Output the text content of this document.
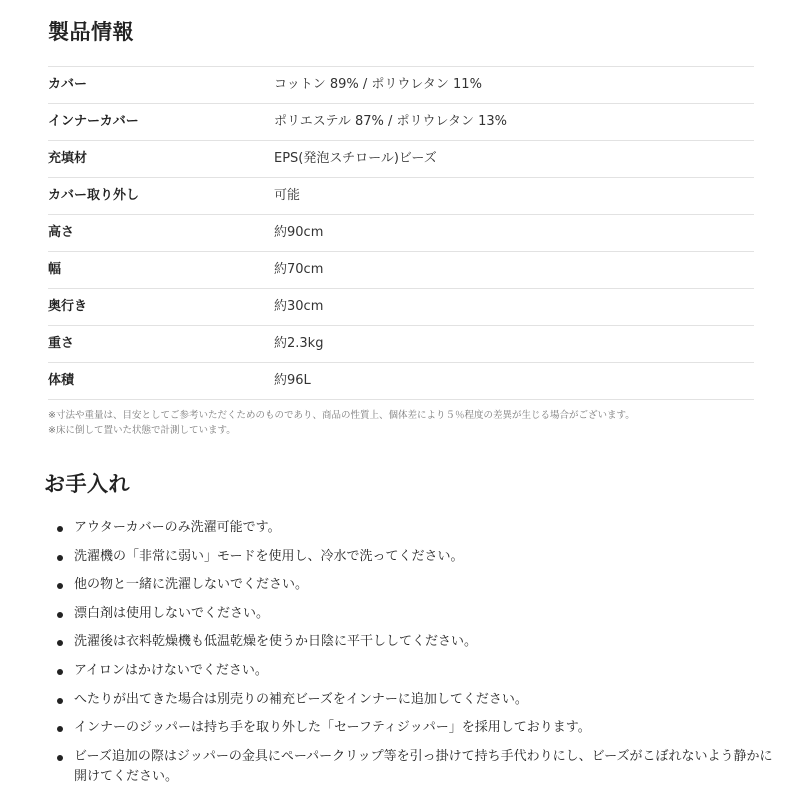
製品情報
カバー	コットン 89% / ポリウレタン 11%
インナーカバー	ポリエステル 87% / ポリウレタン 13%
充填材	EPS(発泡スチロール)ビーズ
カバー取り外し	可能
高さ	約90cm
幅	約70cm
奥行き	約30cm
重さ	約2.3kg
体積	約96L

※寸法や重量は、目安としてご参考いただくためのものであり、商品の性質上、個体差により５％程度の差異が生じる場合がございます。

※床に倒して置いた状態で計測しています。

お手入れ
アウターカバーのみ洗濯可能です。
洗濯機の「非常に弱い」モードを使用し、冷水で洗ってください。
他の物と一緒に洗濯しないでください。
漂白剤は使用しないでください。
洗濯後は衣料乾燥機も低温乾燥を使うか日陰に平干ししてください。
アイロンはかけないでください。
へたりが出てきた場合は別売りの補充ビーズをインナーに追加してください。
インナーのジッパーは持ち手を取り外した「セーフティジッパー」を採用しております。
ビーズ追加の際はジッパーの金具にペーパークリップ等を引っ掛けて持ち手代わりにし、ビーズがこぼれないよう静かに開けてください。
